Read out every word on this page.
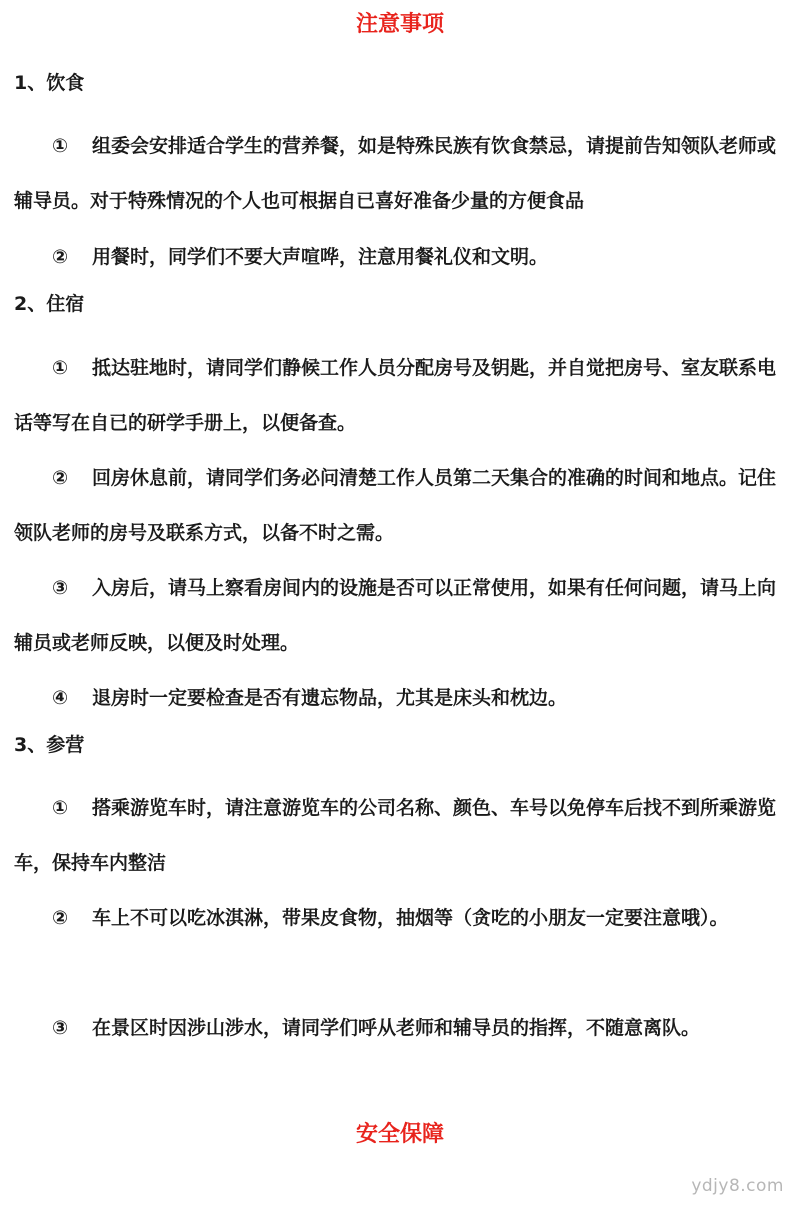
注意事项
1、饮食
① 组委会安排适合学生的营养餐，如是特殊民族有饮食禁忌，请提前告知领队老师或辅导员。对于特殊情况的个人也可根据自已喜好准备少量的方便食品
② 用餐时，同学们不要大声喧哗，注意用餐礼仪和文明。
2、住宿
① 抵达驻地时，请同学们静候工作人员分配房号及钥匙，并自觉把房号、室友联系电话等写在自已的研学手册上，以便备查。
② 回房休息前，请同学们务必问清楚工作人员第二天集合的准确的时间和地点。记住领队老师的房号及联系方式，以备不时之需。
③ 入房后，请马上察看房间内的设施是否可以正常使用，如果有任何问题，请马上向辅员或老师反映，以便及时处理。
④ 退房时一定要检查是否有遗忘物品，尤其是床头和枕边。
3、参营
① 搭乘游览车时，请注意游览车的公司名称、颜色、车号以免停车后找不到所乘游览车，保持车内整洁
② 车上不可以吃冰淇淋，带果皮食物，抽烟等（贪吃的小朋友一定要注意哦）。
③ 在景区时因涉山涉水，请同学们呼从老师和辅导员的指挥，不随意离队。
安全保障
ydjy8.com
